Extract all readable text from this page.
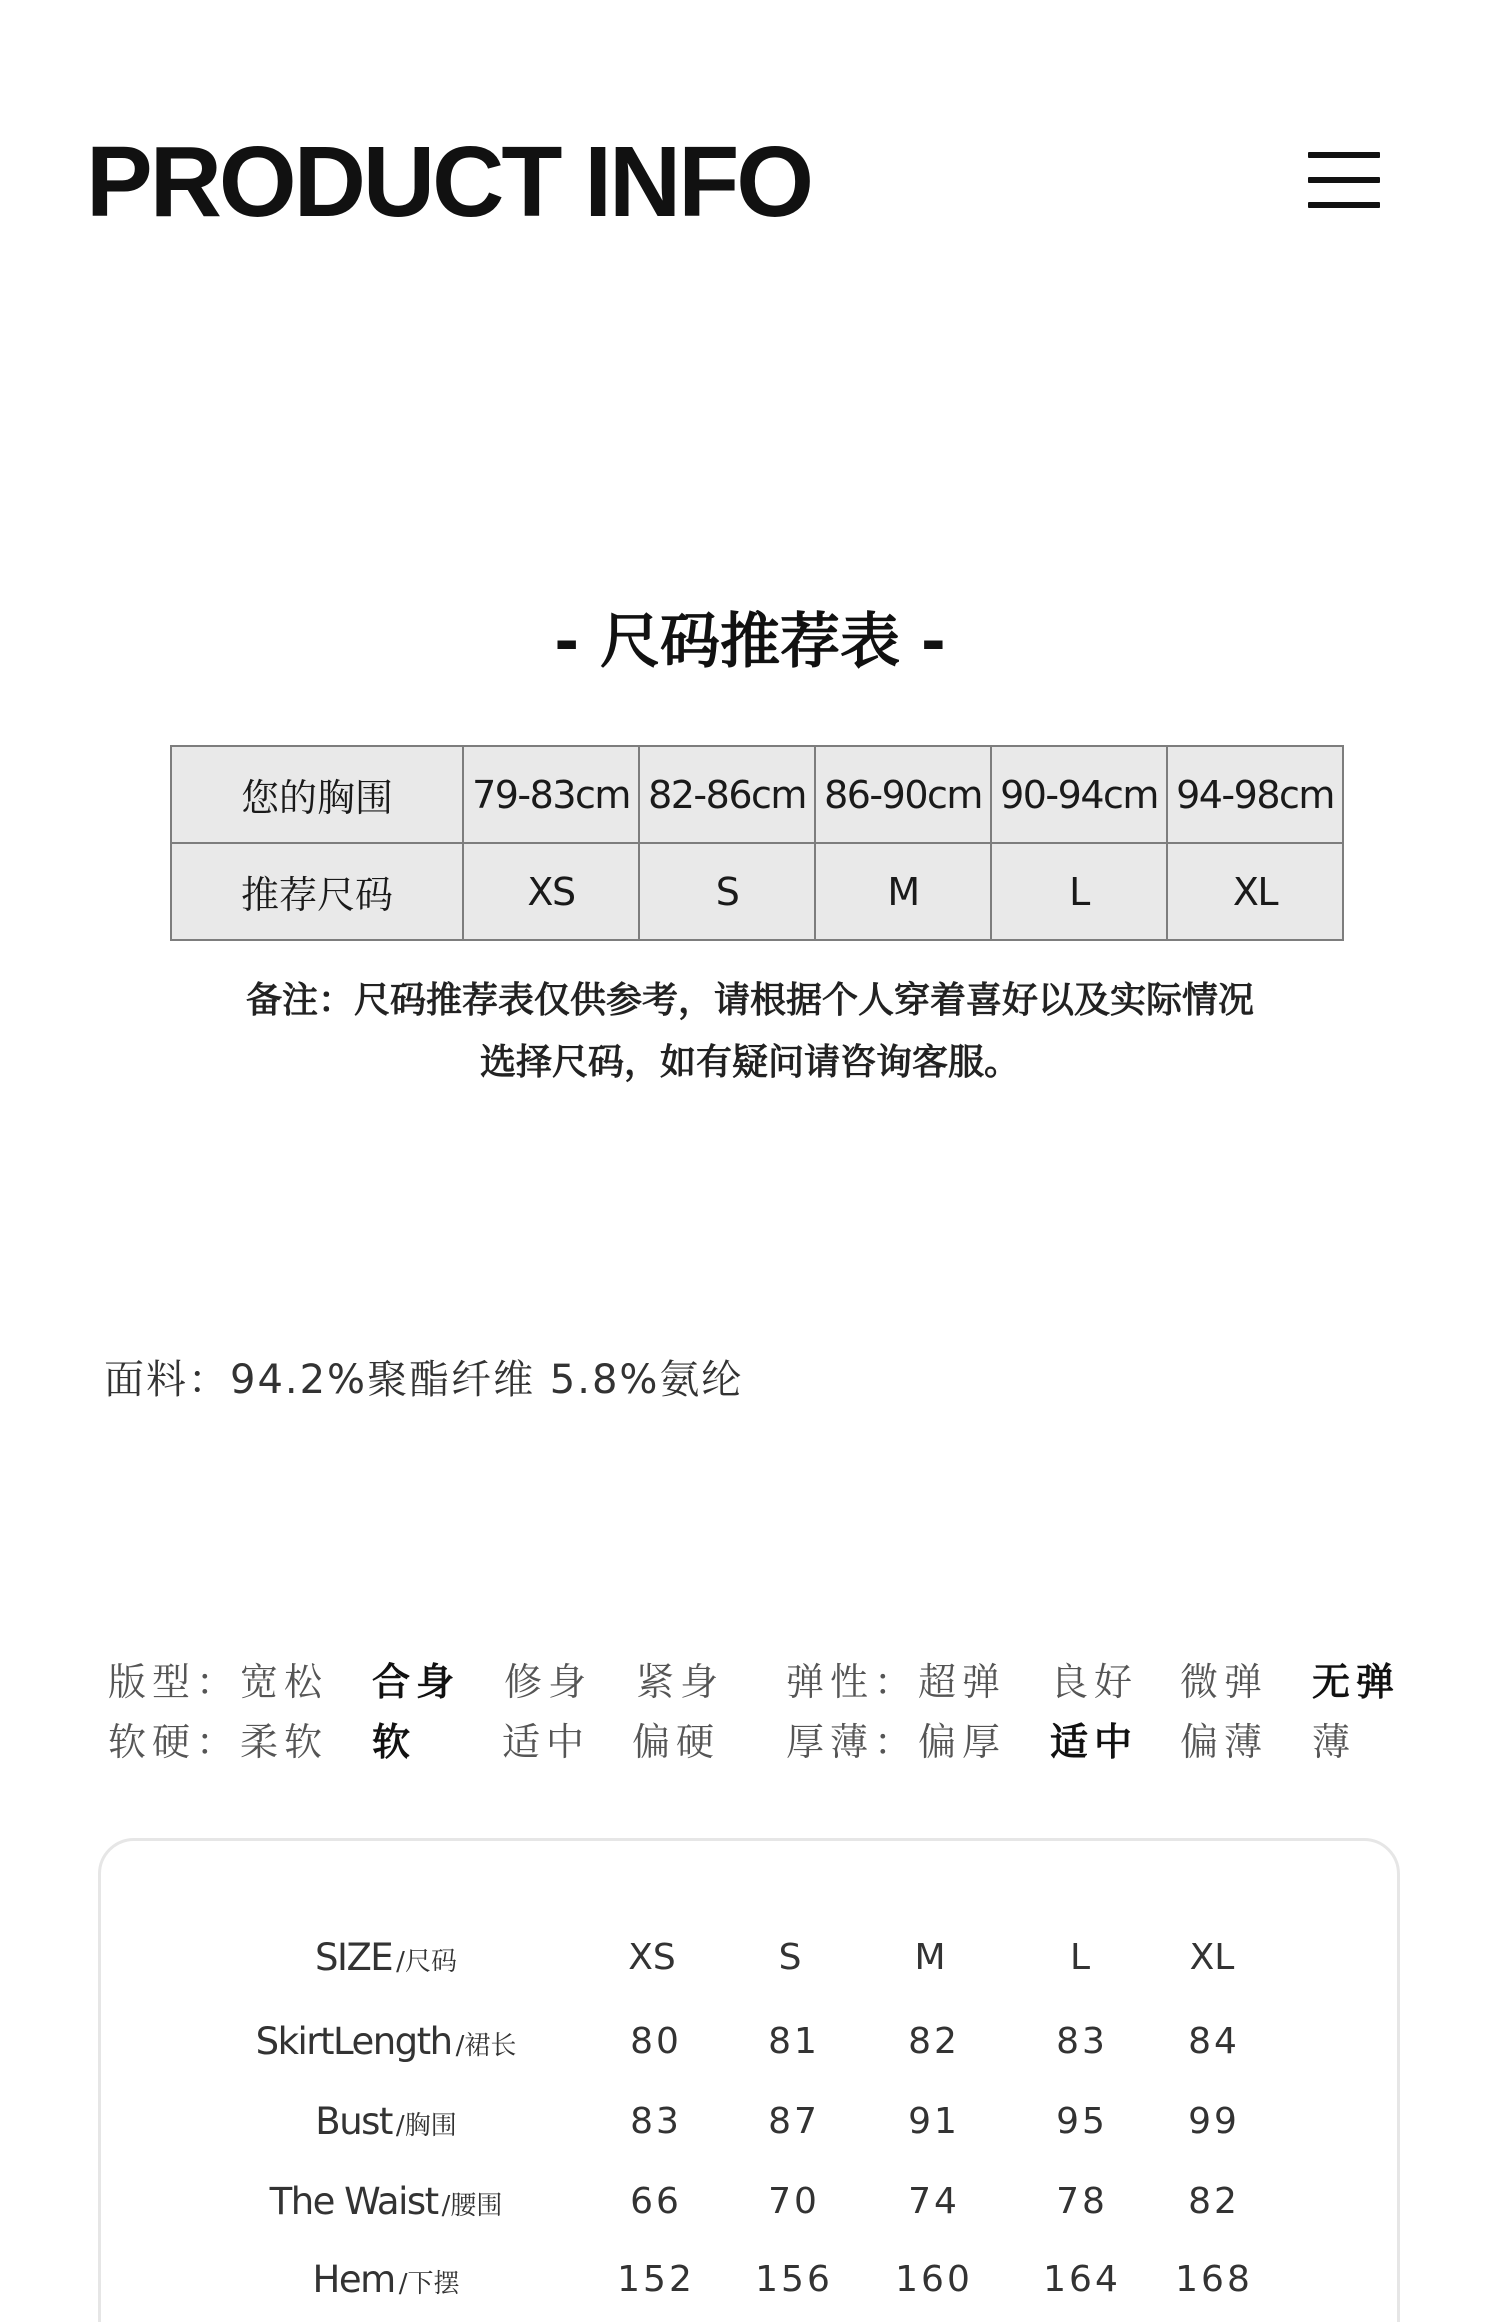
PRODUCT INFO
- 尺码推荐表 -
您的胸围	79-83cm	82-86cm	86-90cm	90-94cm	94-98cm
推荐尺码	XS	S	M	L	XL
备注：尺码推荐表仅供参考，请根据个人穿着喜好以及实际情况
选择尺码，如有疑问请咨询客服。
面料：94.2%聚酯纤维 5.8%氨纶
版型： 宽松 合身 修身 紧身 弹性： 超弹 良好 微弹 无弹
软硬： 柔软 软 适中 偏硬 厚薄： 偏厚 适中 偏薄 薄
SIZE /尺码	XS	S	M	L	XL
SkirtLength /裙长	80 81 82	83 84
Bust /胸围	83 87 91	95 99
The Waist /腰围	66 70 74	78 82
Hem /下摆	152 156 160 164 168
